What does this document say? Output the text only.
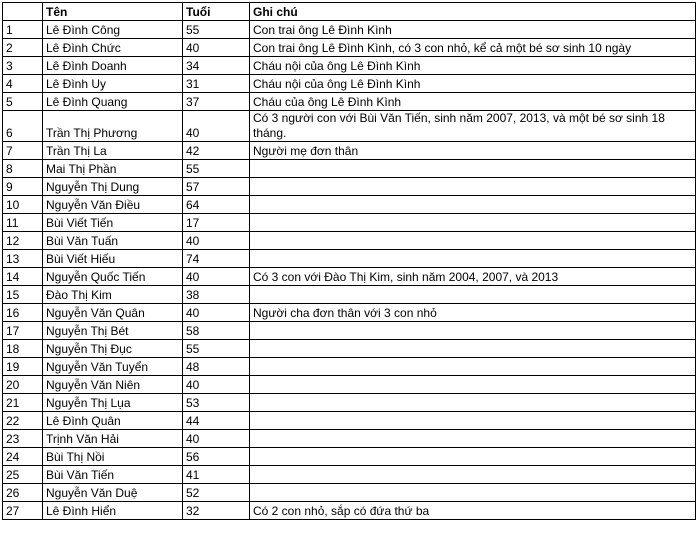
	Tên	Tuổi	Ghi chú
1	Lê Đình Công	55	Con trai ông Lê Đình Kình
2	Lê Đình Chức	40	Con trai ông Lê Đình Kình, có 3 con nhỏ, kể cả một bé sơ sinh 10 ngày
3	Lê Đình Doanh	34	Cháu nội của ông Lê Đình Kình
4	Lê Đình Uy	31	Cháu nội của ông Lê Đình Kình
5	Lê Đình Quang	37	Cháu của ông Lê Đình Kình
6	Trần Thị Phương	40	Có 3 người con với Bùi Văn Tiến, sinh năm 2007, 2013, và một bé sơ sinh 18 tháng.
7	Trần Thị La	42	Người mẹ đơn thân
8	Mai Thị Phần	55	
9	Nguyễn Thị Dung	57	
10	Nguyễn Văn Điều	64	
11	Bùi Viết Tiến	17	
12	Bùi Văn Tuấn	40	
13	Bùi Viết Hiếu	74	
14	Nguyễn Quốc Tiến	40	Có 3 con với Đào Thị Kim, sinh năm 2004, 2007, và 2013
15	Đào Thị Kim	38	
16	Nguyễn Văn Quân	40	Người cha đơn thân với 3 con nhỏ
17	Nguyễn Thị Bét	58	
18	Nguyễn Thị Đục	55	
19	Nguyễn Văn Tuyển	48	
20	Nguyễn Văn Niên	40	
21	Nguyễn Thị Lụa	53	
22	Lê Đình Quân	44	
23	Trịnh Văn Hải	40	
24	Bùi Thị Nồi	56	
25	Bùi Văn Tiến	41	
26	Nguyễn Văn Duệ	52	
27	Lê Đình Hiển	32	Có 2 con nhỏ, sắp có đứa thứ ba
